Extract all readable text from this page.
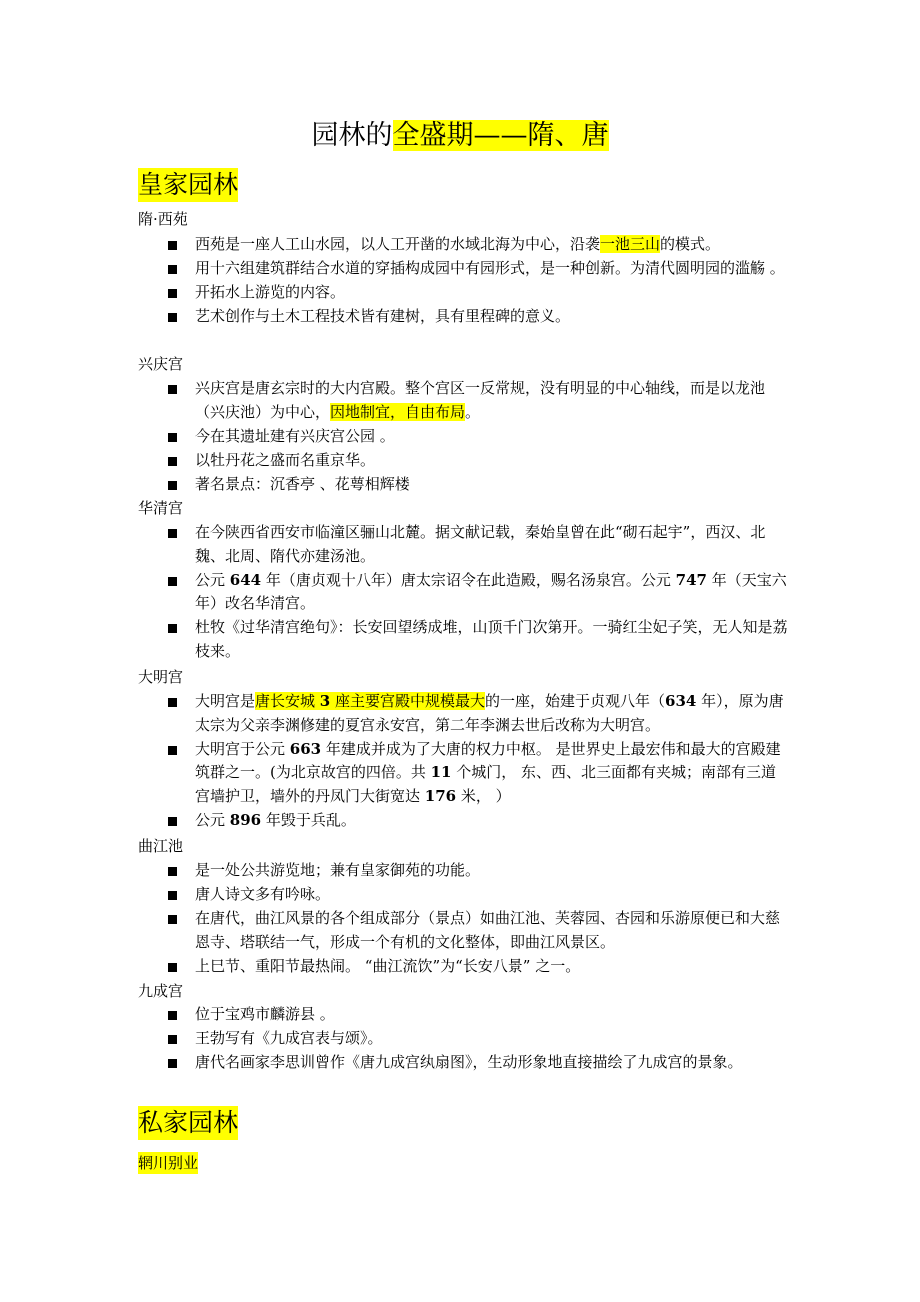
园林的全盛期——隋、唐
皇家园林
隋·西苑
西苑是一座人工山水园，以人工开凿的水域北海为中心，沿袭一池三山的模式。
用十六组建筑群结合水道的穿插构成园中有园形式，是一种创新。为清代圆明园的滥觞 。
开拓水上游览的内容。
艺术创作与土木工程技术皆有建树，具有里程碑的意义。
兴庆宫
兴庆宫是唐玄宗时的大内宫殿。整个宫区一反常规，没有明显的中心轴线，而是以龙池（兴庆池）为中心，因地制宜，自由布局。
今在其遗址建有兴庆宫公园 。
以牡丹花之盛而名重京华。
著名景点：沉香亭 、花萼相辉楼
华清宫
在今陕西省西安市临潼区骊山北麓。据文献记载，秦始皇曾在此“砌石起宇”，西汉、北魏、北周、隋代亦建汤池。
公元 644 年（唐贞观十八年）唐太宗诏令在此造殿，赐名汤泉宫。公元 747 年（天宝六年）改名华清宫。
杜牧《过华清宫绝句》：长安回望绣成堆，山顶千门次第开。一骑红尘妃子笑，无人知是荔枝来。
大明宫
大明宫是唐长安城 3 座主要宫殿中规模最大的一座，始建于贞观八年（634 年），原为唐太宗为父亲李渊修建的夏宫永安宫，第二年李渊去世后改称为大明宫。
大明宫于公元 663 年建成并成为了大唐的权力中枢。 是世界史上最宏伟和最大的宫殿建筑群之一。(为北京故宫的四倍。共 11 个城门， 东、西、北三面都有夹城；南部有三道宫墙护卫，墙外的丹凤门大街宽达 176 米， ）
公元 896 年毁于兵乱。
曲江池
是一处公共游览地；兼有皇家御苑的功能。
唐人诗文多有吟咏。
在唐代，曲江风景的各个组成部分（景点）如曲江池、芙蓉园、杏园和乐游原便已和大慈恩寺、塔联结一气，形成一个有机的文化整体，即曲江风景区。
上巳节、重阳节最热闹。 “曲江流饮”为“长安八景” 之一。
九成宫
位于宝鸡市麟游县 。
王勃写有《九成宫表与颂》。
唐代名画家李思训曾作《唐九成宫纨扇图》，生动形象地直接描绘了九成宫的景象。
私家园林
辋川别业
